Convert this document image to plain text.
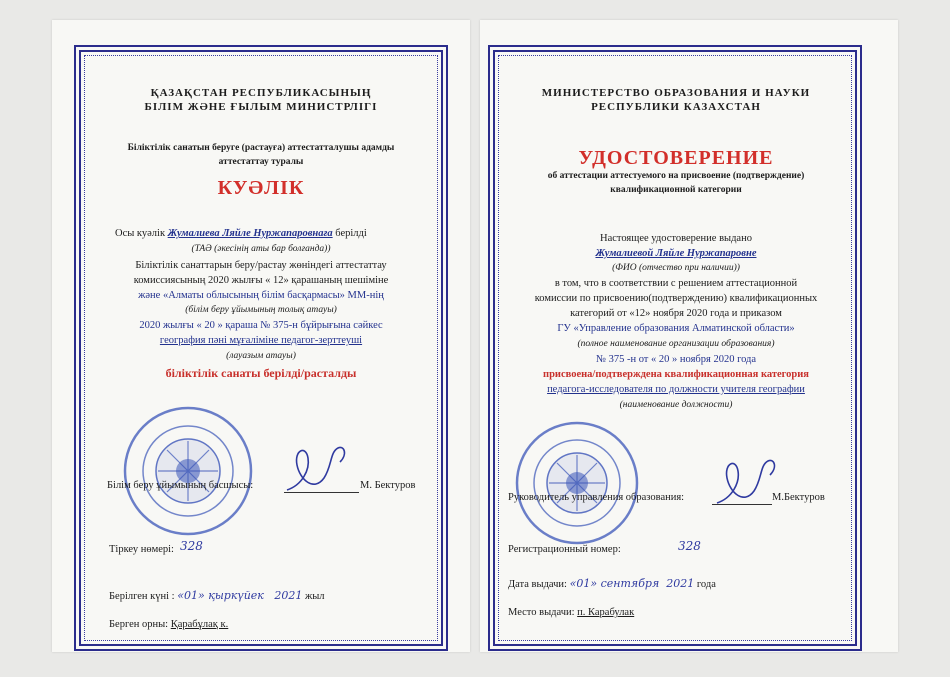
ҚАЗАҚСТАН РЕСПУБЛИКАСЫНЫҢ
БІЛІМ ЖӘНЕ ҒЫЛЫМ МИНИСТРЛІГІ
Біліктілік санатын беруге (растауға) аттестатталушы адамды
аттестаттау туралы
КУӘЛІК
Осы куәлік Жумалиева Ляйле Нуржапаровнаға берілді
(ТАӘ (әкесінің аты бар болғанда))
Біліктілік санаттарын беру/растау жөніндегі аттестаттау
комиссиясының 2020 жылғы « 12» қарашаның шешіміне
және «Алматы облысының білім басқармасы» ММ-нің
(білім беру ұйымының толық атауы)
2020 жылғы « 20 » қараша № 375-н бұйрығына сәйкес
география пәні мұғаліміне педагог-зерттеуші
(лауазым атауы)
біліктілік санаты берілді/расталды
Білім беру ұйымының басшысы:	М. Бектуров
Тіркеу нөмері: 328
Берілген күні : «01» қыркүйек 2021 жыл
Берген орны: Қарабұлақ к.
МИНИСТЕРСТВО ОБРАЗОВАНИЯ И НАУКИ
РЕСПУБЛИКИ КАЗАХСТАН
УДОСТОВЕРЕНИЕ
об аттестации аттестуемого на присвоение (подтверждение)
квалификационной категории
Настоящее удостоверение выдано
Жумалиевой Ляйле Нуржапаровне
(ФИО (отчество при наличии))
в том, что в соответствии с решением аттестационной
комиссии по присвоению(подтверждению) квалификационных
категорий от «12» ноября 2020 года и приказом
ГУ «Управление образования Алматинской области»
(полное наименование организации образования)
№ 375 -н от « 20 » ноября 2020 года
присвоена/подтверждена квалификационная категория
педагога-исследователя по должности учителя географии
(наименование должности)
Руководитель управления образования:	М.Бектуров
Регистрационный номер:	328
Дата выдачи: «01» сентября 2021 года
Место выдачи: п. Карабулак
